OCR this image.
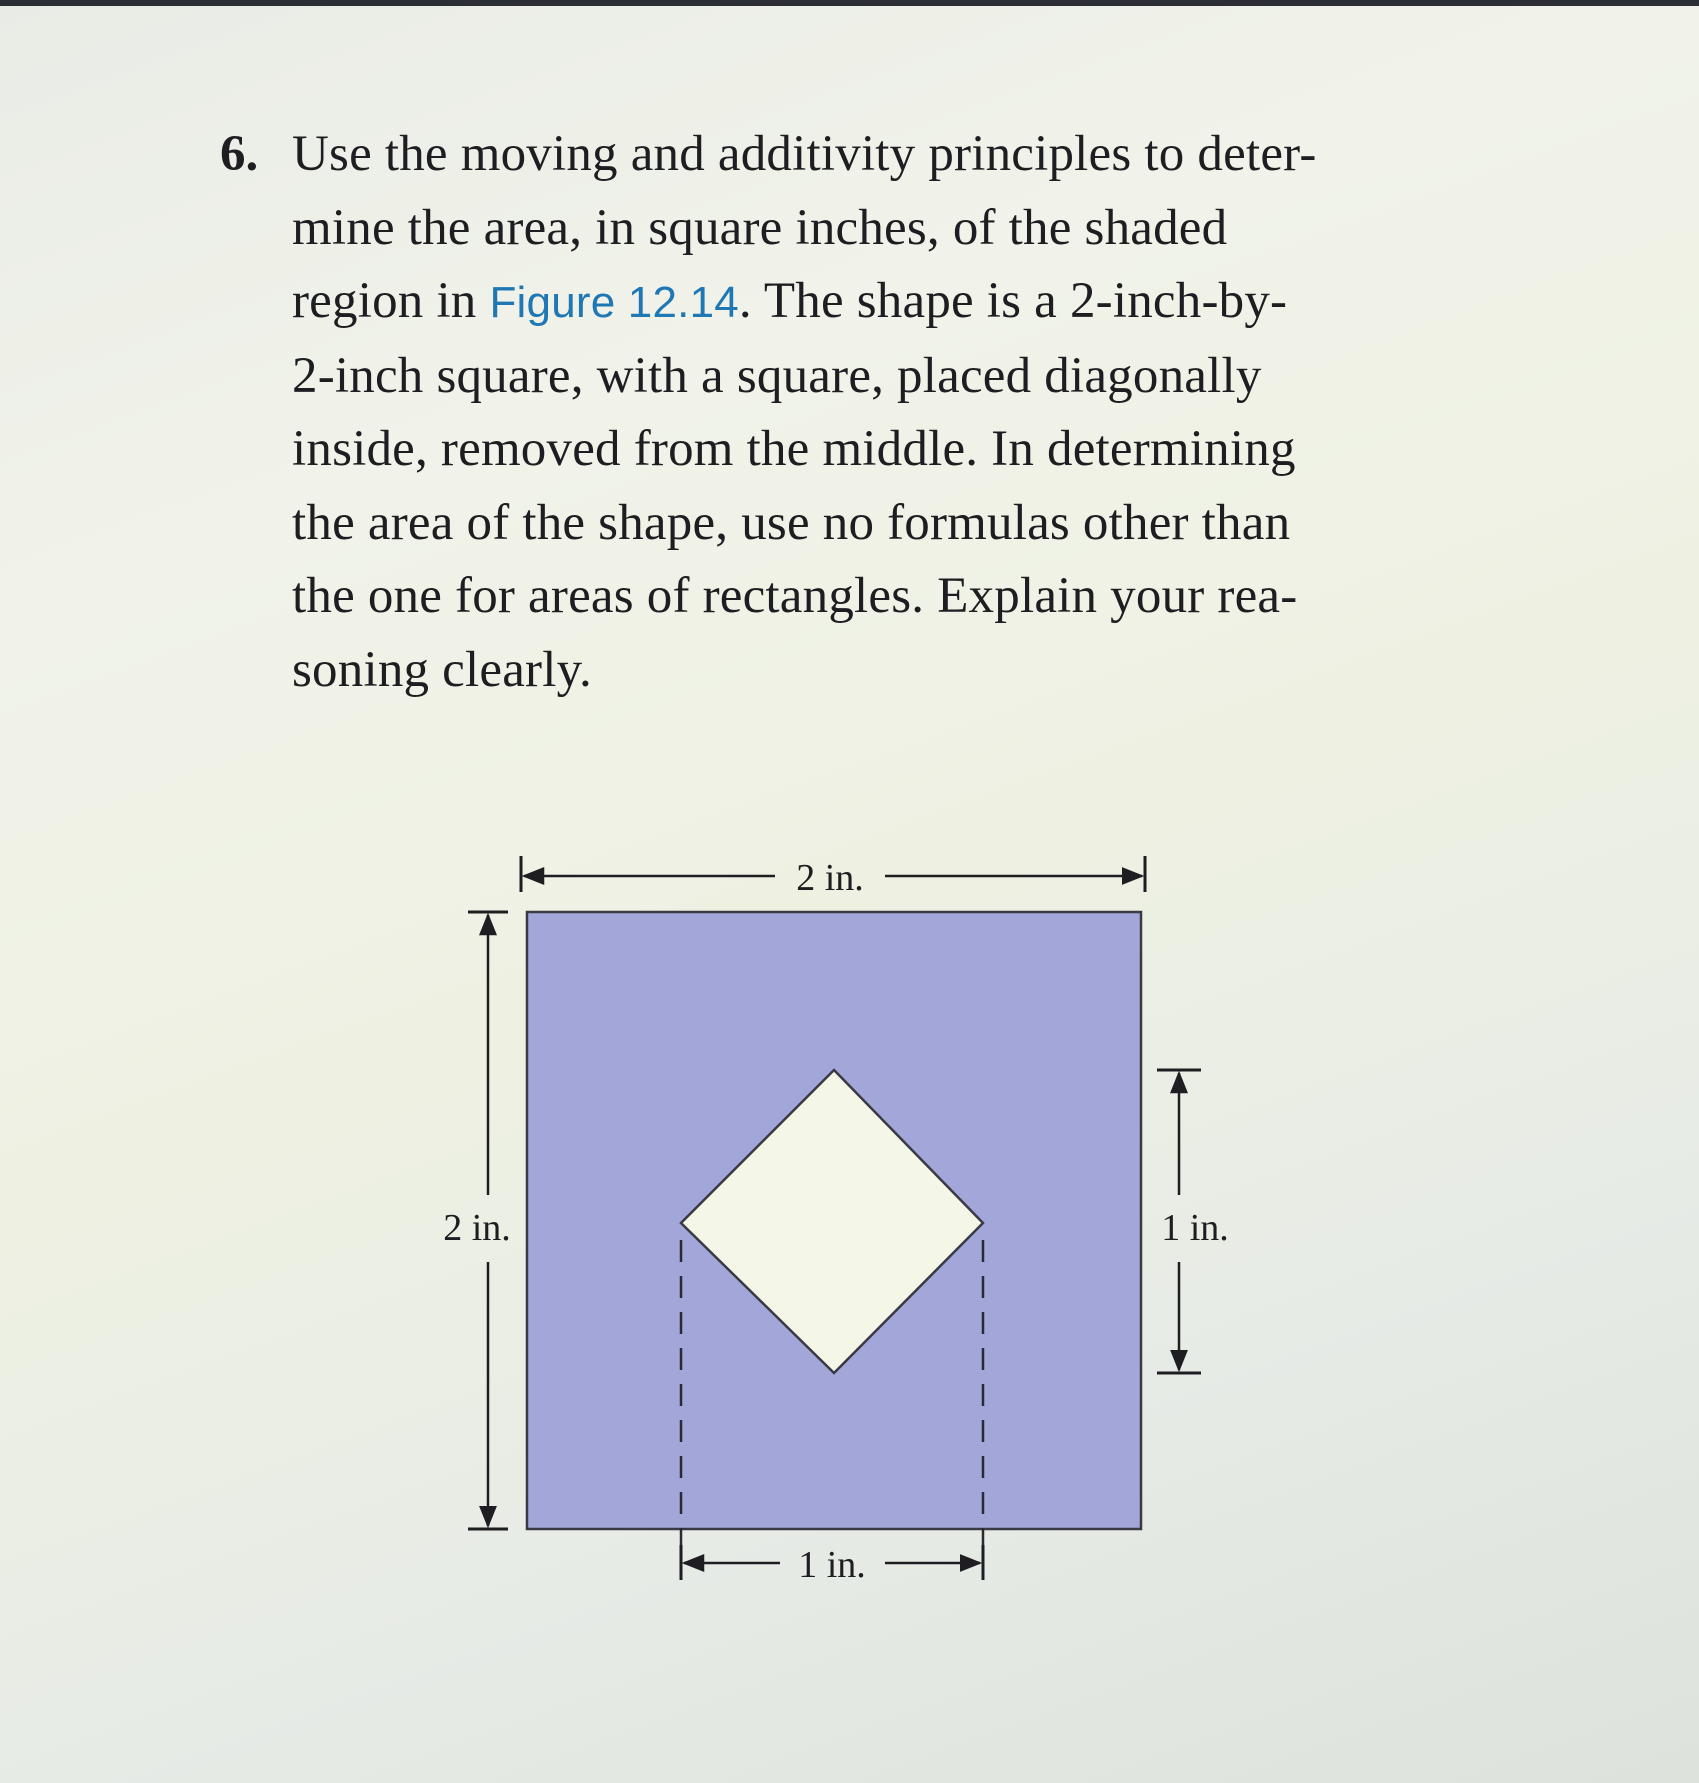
6. Use the moving and additivity principles to deter-
mine the area, in square inches, of the shaded
region in Figure 12.14. The shape is a 2-inch-by-
2-inch square, with a square, placed diagonally
inside, removed from the middle. In determining
the area of the shape, use no formulas other than
the one for areas of rectangles. Explain your rea-
soning clearly.
2 in.
2 in.	1 in.
1 in.
